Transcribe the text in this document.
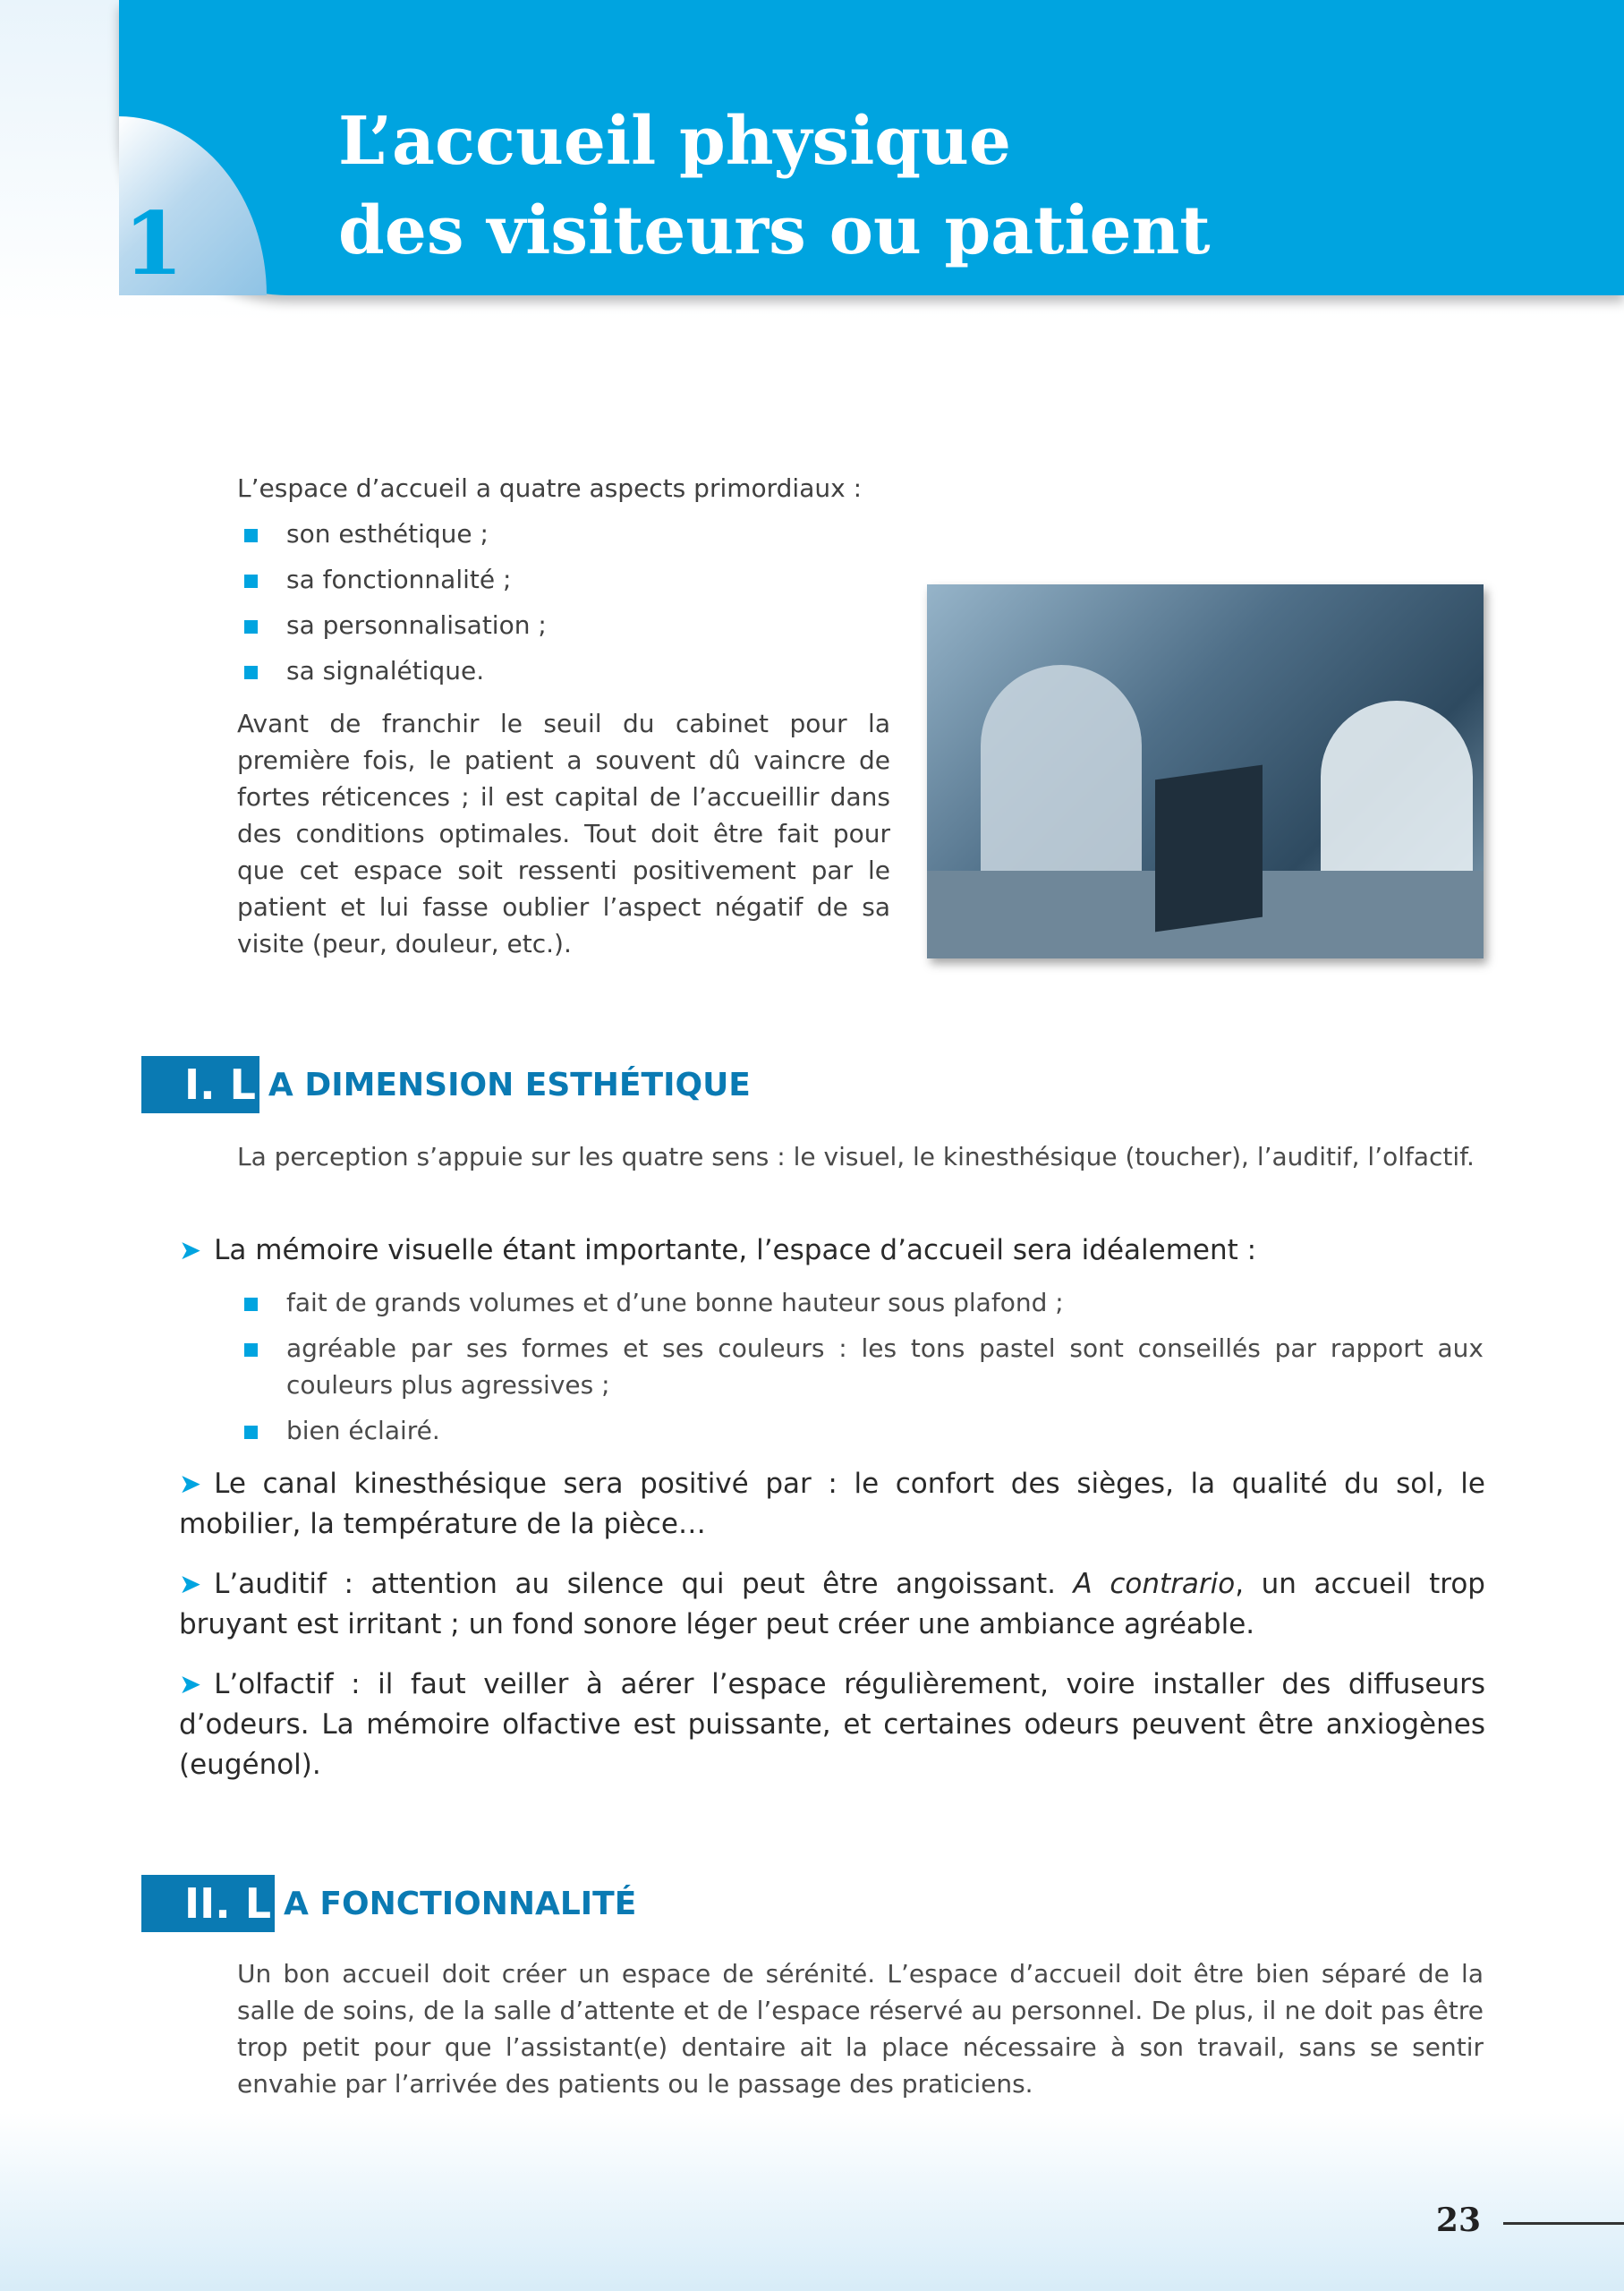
1
L’accueil physique
des visiteurs ou patient
L’espace d’accueil a quatre aspects primordiaux :
son esthétique ;
sa fonctionnalité ;
sa personnalisation ;
sa signalétique.
Avant de franchir le seuil du cabinet pour la première fois, le patient a souvent dû vaincre de fortes réticences ; il est capital de l’accueillir dans des conditions optimales. Tout doit être fait pour que cet espace soit ressenti positivement par le patient et lui fasse oublier l’aspect négatif de sa visite (peur, douleur, etc.).
I. L A DIMENSION ESTHÉTIQUE
La perception s’appuie sur les quatre sens : le visuel, le kinesthésique (toucher), l’auditif, l’olfactif.
➤ La mémoire visuelle étant importante, l’espace d’accueil sera idéalement :
fait de grands volumes et d’une bonne hauteur sous plafond ;
agréable par ses formes et ses couleurs : les tons pastel sont conseillés par rapport aux couleurs plus agressives ;
bien éclairé.
➤ Le canal kinesthésique sera positivé par : le confort des sièges, la qualité du sol, le mobilier, la température de la pièce…
➤ L’auditif : attention au silence qui peut être angoissant. A contrario, un accueil trop bruyant est irritant ; un fond sonore léger peut créer une ambiance agréable.
➤ L’olfactif : il faut veiller à aérer l’espace régulièrement, voire installer des diffuseurs d’odeurs. La mémoire olfactive est puissante, et certaines odeurs peuvent être anxiogènes (eugénol).
II. L A FONCTIONNALITÉ
Un bon accueil doit créer un espace de sérénité. L’espace d’accueil doit être bien séparé de la salle de soins, de la salle d’attente et de l’espace réservé au personnel. De plus, il ne doit pas être trop petit pour que l’assistant(e) dentaire ait la place nécessaire à son travail, sans se sentir envahie par l’arrivée des patients ou le passage des praticiens.
23
